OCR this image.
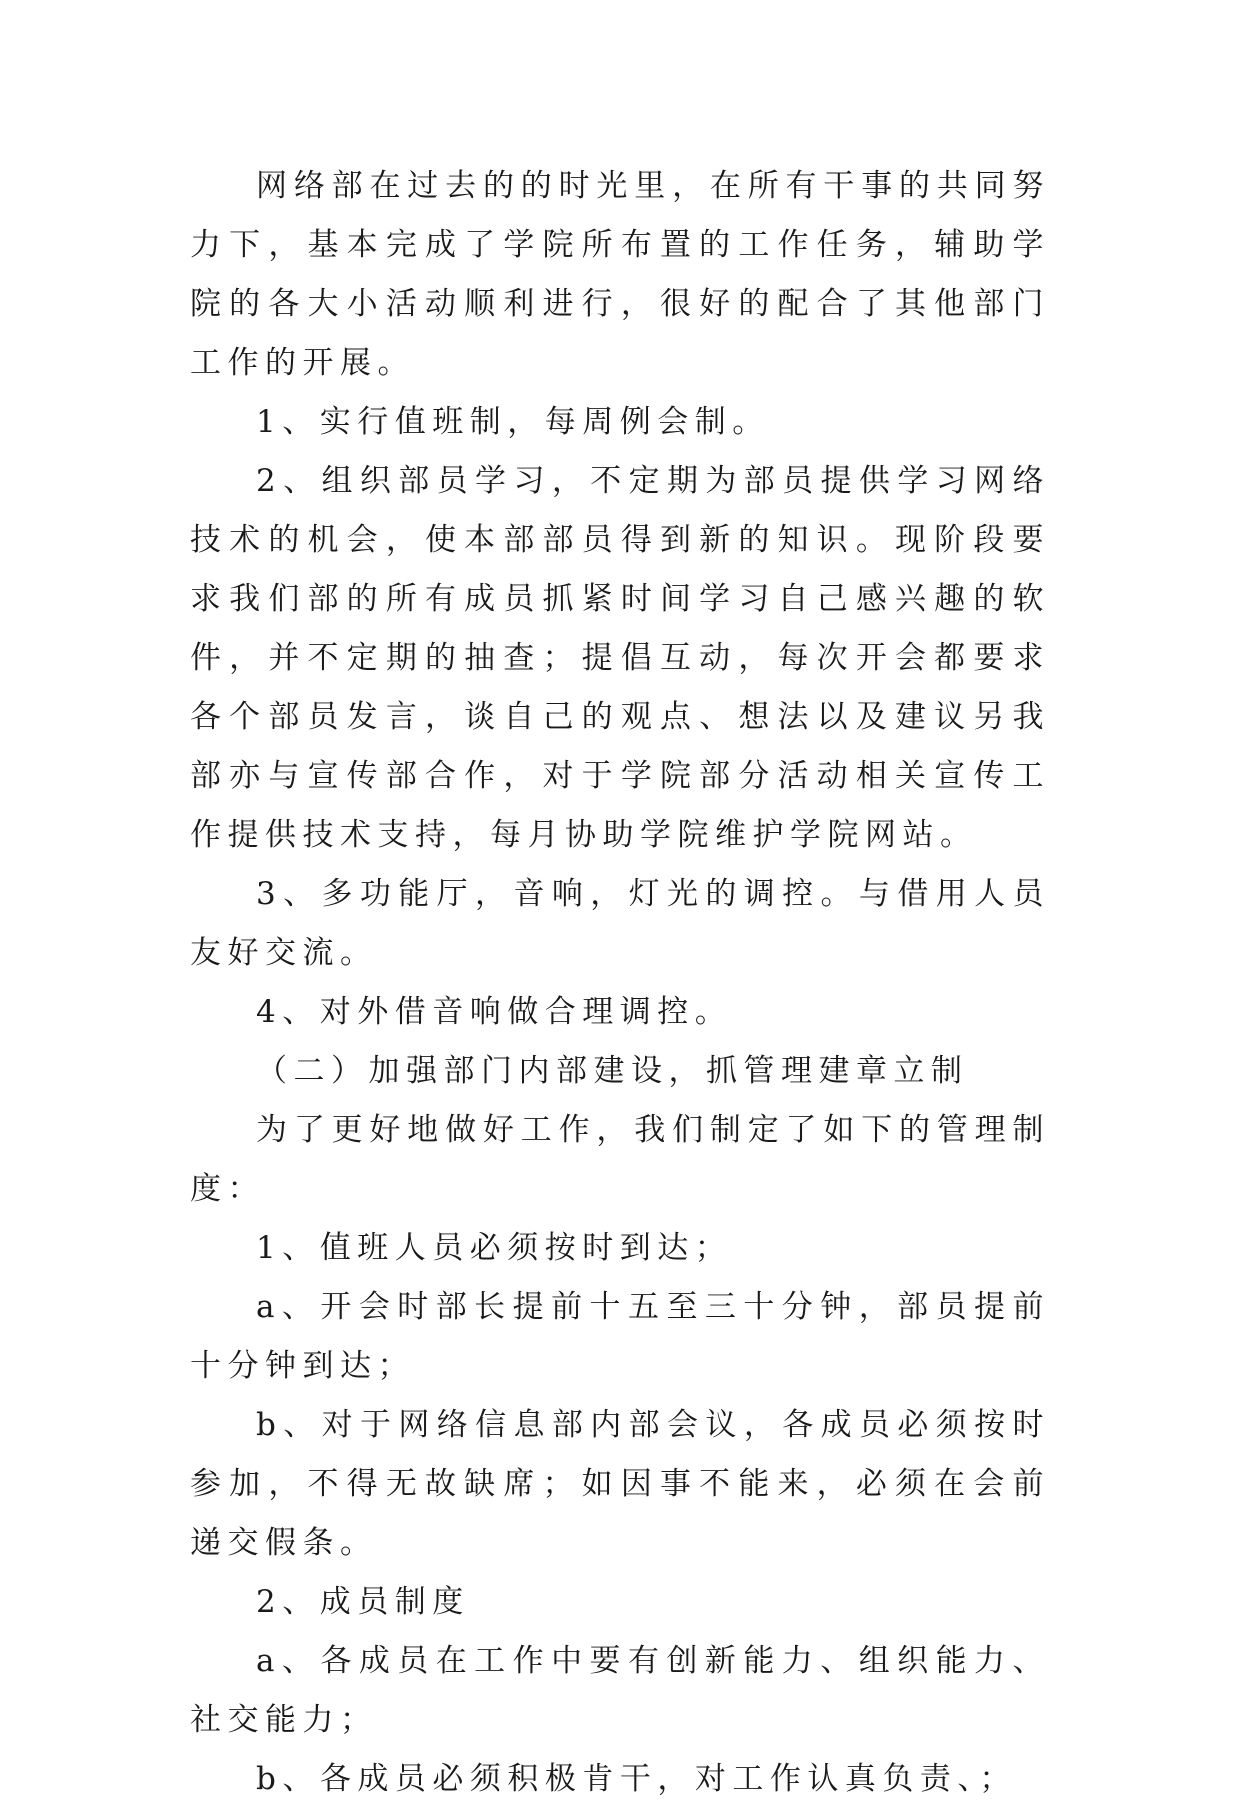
网络部在过去的的时光里，在所有干事的共同努力下，基本完成了学院所布置的工作任务，辅助学院的各大小活动顺利进行，很好的配合了其他部门工作的开展。

1、实行值班制，每周例会制。

2、组织部员学习，不定期为部员提供学习网络技术的机会，使本部部员得到新的知识。现阶段要求我们部的所有成员抓紧时间学习自己感兴趣的软件，并不定期的抽查；提倡互动，每次开会都要求各个部员发言，谈自己的观点、想法以及建议另我部亦与宣传部合作，对于学院部分活动相关宣传工作提供技术支持，每月协助学院维护学院网站。

3、多功能厅，音响，灯光的调控。与借用人员友好交流。

4、对外借音响做合理调控。

（二）加强部门内部建设，抓管理建章立制

为了更好地做好工作，我们制定了如下的管理制度：

1、值班人员必须按时到达；

a、开会时部长提前十五至三十分钟，部员提前十分钟到达；

b、对于网络信息部内部会议，各成员必须按时参加，不得无故缺席；如因事不能来，必须在会前递交假条。

2、成员制度

a、各成员在工作中要有创新能力、组织能力、社交能力；

b、各成员必须积极肯干，对工作认真负责、；
